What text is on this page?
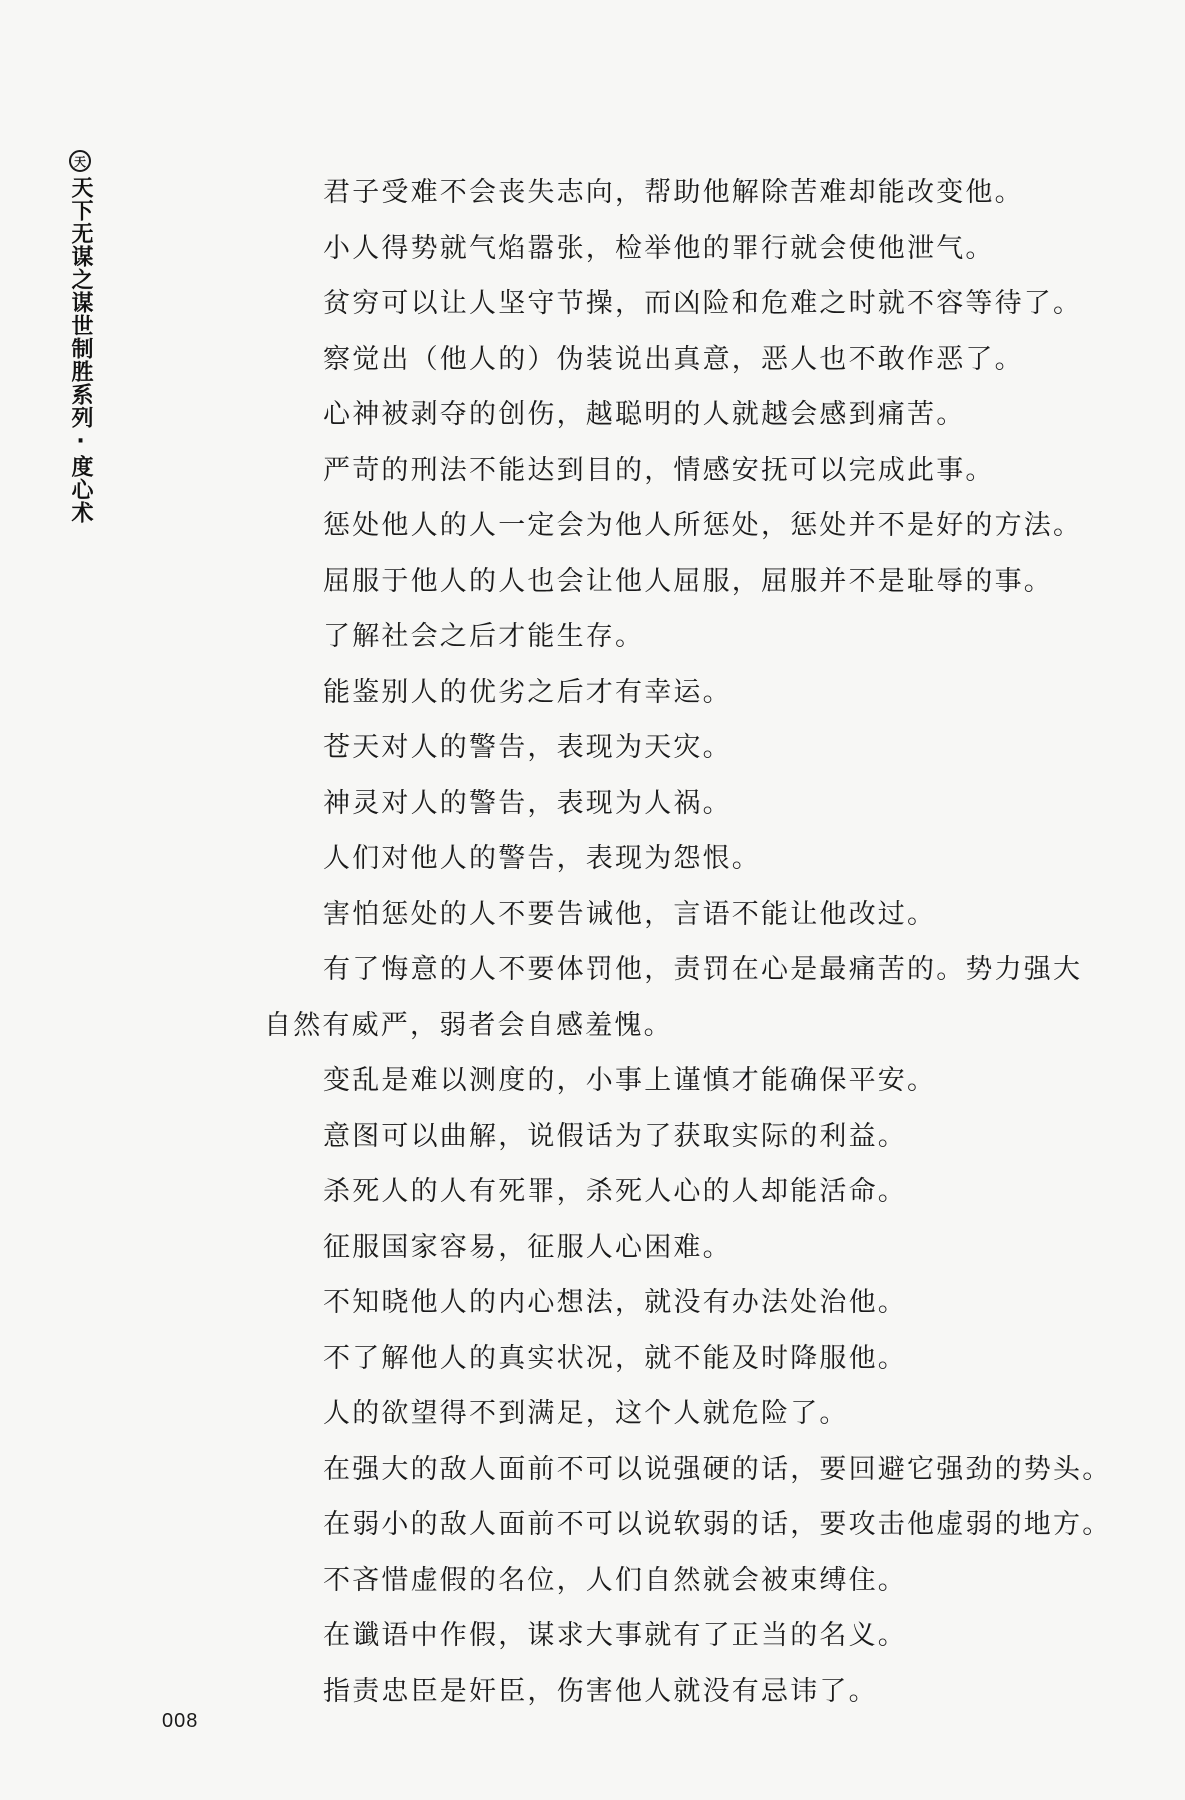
天
天下无谋之谋世制胜系列·度心术	君子受难不会丧失志向，帮助他解除苦难却能改变他。
小人得势就气焰嚣张，检举他的罪行就会使他泄气。
贫穷可以让人坚守节操，而凶险和危难之时就不容等待了。
察觉出（他人的）伪装说出真意，恶人也不敢作恶了。
心神被剥夺的创伤，越聪明的人就越会感到痛苦。
严苛的刑法不能达到目的，情感安抚可以完成此事。
惩处他人的人一定会为他人所惩处，惩处并不是好的方法。
屈服于他人的人也会让他人屈服，屈服并不是耻辱的事。
了解社会之后才能生存。
能鉴别人的优劣之后才有幸运。
苍天对人的警告，表现为天灾。
神灵对人的警告，表现为人祸。
人们对他人的警告，表现为怨恨。
害怕惩处的人不要告诫他，言语不能让他改过。
有了悔意的人不要体罚他，责罚在心是最痛苦的。势力强大自然有威严，弱者会自感羞愧。
变乱是难以测度的，小事上谨慎才能确保平安。
意图可以曲解，说假话为了获取实际的利益。
杀死人的人有死罪，杀死人心的人却能活命。
征服国家容易，征服人心困难。
不知晓他人的内心想法，就没有办法处治他。
不了解他人的真实状况，就不能及时降服他。
人的欲望得不到满足，这个人就危险了。
在强大的敌人面前不可以说强硬的话，要回避它强劲的势头。
在弱小的敌人面前不可以说软弱的话，要攻击他虚弱的地方。
不吝惜虚假的名位，人们自然就会被束缚住。
在谶语中作假，谋求大事就有了正当的名义。
指责忠臣是奸臣，伤害他人就没有忌讳了。
008
